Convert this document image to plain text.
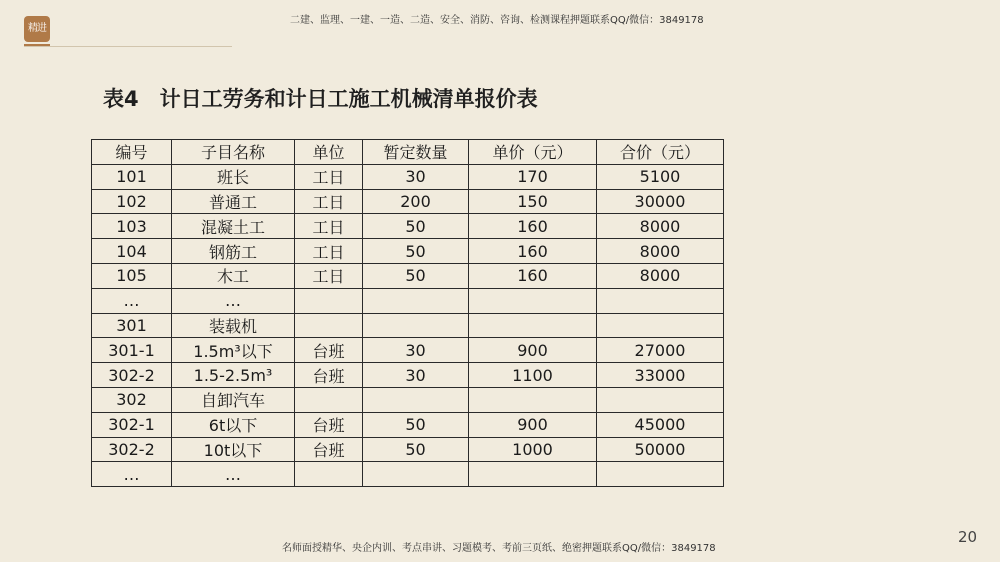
精进
二建、监理、一建、一造、二造、安全、消防、咨询、检测课程押题联系QQ/微信：3849178
表4　计日工劳务和计日工施工机械清单报价表
编号	子目名称	单位	暂定数量	单价（元）	合价（元）
101	班长	工日	30	170	5100
102	普通工	工日	200	150	30000
103	混凝土工	工日	50	160	8000
104	钢筋工	工日	50	160	8000
105	木工	工日	50	160	8000
…	…				
301	装载机				
301-1	1.5m³以下	台班	30	900	27000
302-2	1.5-2.5m³	台班	30	1100	33000
302	自卸汽车				
302-1	6t以下	台班	50	900	45000
302-2	10t以下	台班	50	1000	50000
…	…				
名师面授精华、央企内训、考点串讲、习题模考、考前三页纸、绝密押题联系QQ/微信：3849178
20
